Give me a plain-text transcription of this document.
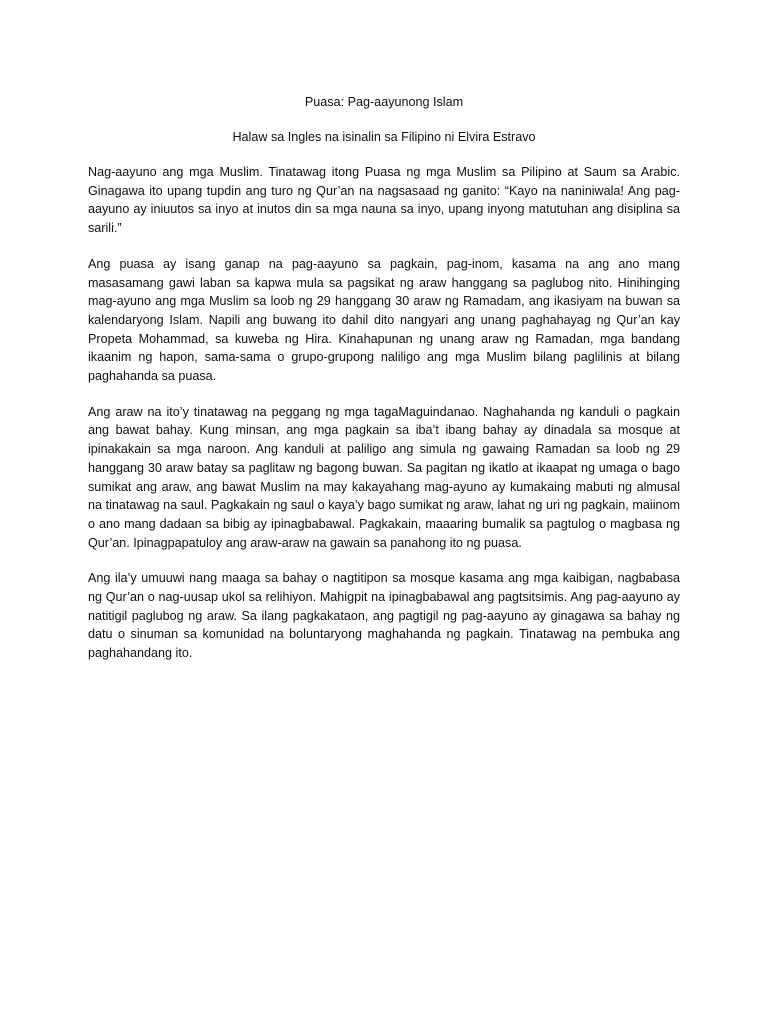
Puasa: Pag-aayunong Islam
Halaw sa Ingles na isinalin sa Filipino ni Elvira Estravo

Nag-aayuno ang mga Muslim. Tinatawag itong Puasa ng mga Muslim sa Pilipino at Saum sa Arabic. Ginagawa ito upang tupdin ang turo ng Qur’an na nagsasaad ng ganito: “Kayo na naniniwala! Ang pag-aayuno ay iniuutos sa inyo at inutos din sa mga nauna sa inyo, upang inyong matutuhan ang disiplina sa sarili.”

Ang puasa ay isang ganap na pag-aayuno sa pagkain, pag-inom, kasama na ang ano mang masasamang gawi laban sa kapwa mula sa pagsikat ng araw hanggang sa paglubog nito. Hinihinging mag-ayuno ang mga Muslim sa loob ng 29 hanggang 30 araw ng Ramadam, ang ikasiyam na buwan sa kalendaryong Islam. Napili ang buwang ito dahil dito nangyari ang unang paghahayag ng Qur’an kay Propeta Mohammad, sa kuweba ng Hira. Kinahapunan ng unang araw ng Ramadan, mga bandang ikaanim ng hapon, sama-sama o grupo-grupong naliligo ang mga Muslim bilang paglilinis at bilang paghahanda sa puasa.

Ang araw na ito’y tinatawag na peggang ng mga tagaMaguindanao. Naghahanda ng kanduli o pagkain ang bawat bahay. Kung minsan, ang mga pagkain sa iba’t ibang bahay ay dinadala sa mosque at ipinakakain sa mga naroon. Ang kanduli at paliligo ang simula ng gawaing Ramadan sa loob ng 29 hanggang 30 araw batay sa paglitaw ng bagong buwan. Sa pagitan ng ikatlo at ikaapat ng umaga o bago sumikat ang araw, ang bawat Muslim na may kakayahang mag-ayuno ay kumakaing mabuti ng almusal na tinatawag na saul. Pagkakain ng saul o kaya’y bago sumikat ng araw, lahat ng uri ng pagkain, maiinom o ano mang dadaan sa bibig ay ipinagbabawal. Pagkakain, maaaring bumalik sa pagtulog o magbasa ng Qur’an. Ipinagpapatuloy ang araw-araw na gawain sa panahong ito ng puasa.

Ang ila’y umuuwi nang maaga sa bahay o nagtitipon sa mosque kasama ang mga kaibigan, nagbabasa ng Qur’an o nag-uusap ukol sa relihiyon. Mahigpit na ipinagbabawal ang pagtsitsimis. Ang pag-aayuno ay natitigil paglubog ng araw. Sa ilang pagkakataon, ang pagtigil ng pag-aayuno ay ginagawa sa bahay ng datu o sinuman sa komunidad na boluntaryong maghahanda ng pagkain. Tinatawag na pembuka ang paghahandang ito.
